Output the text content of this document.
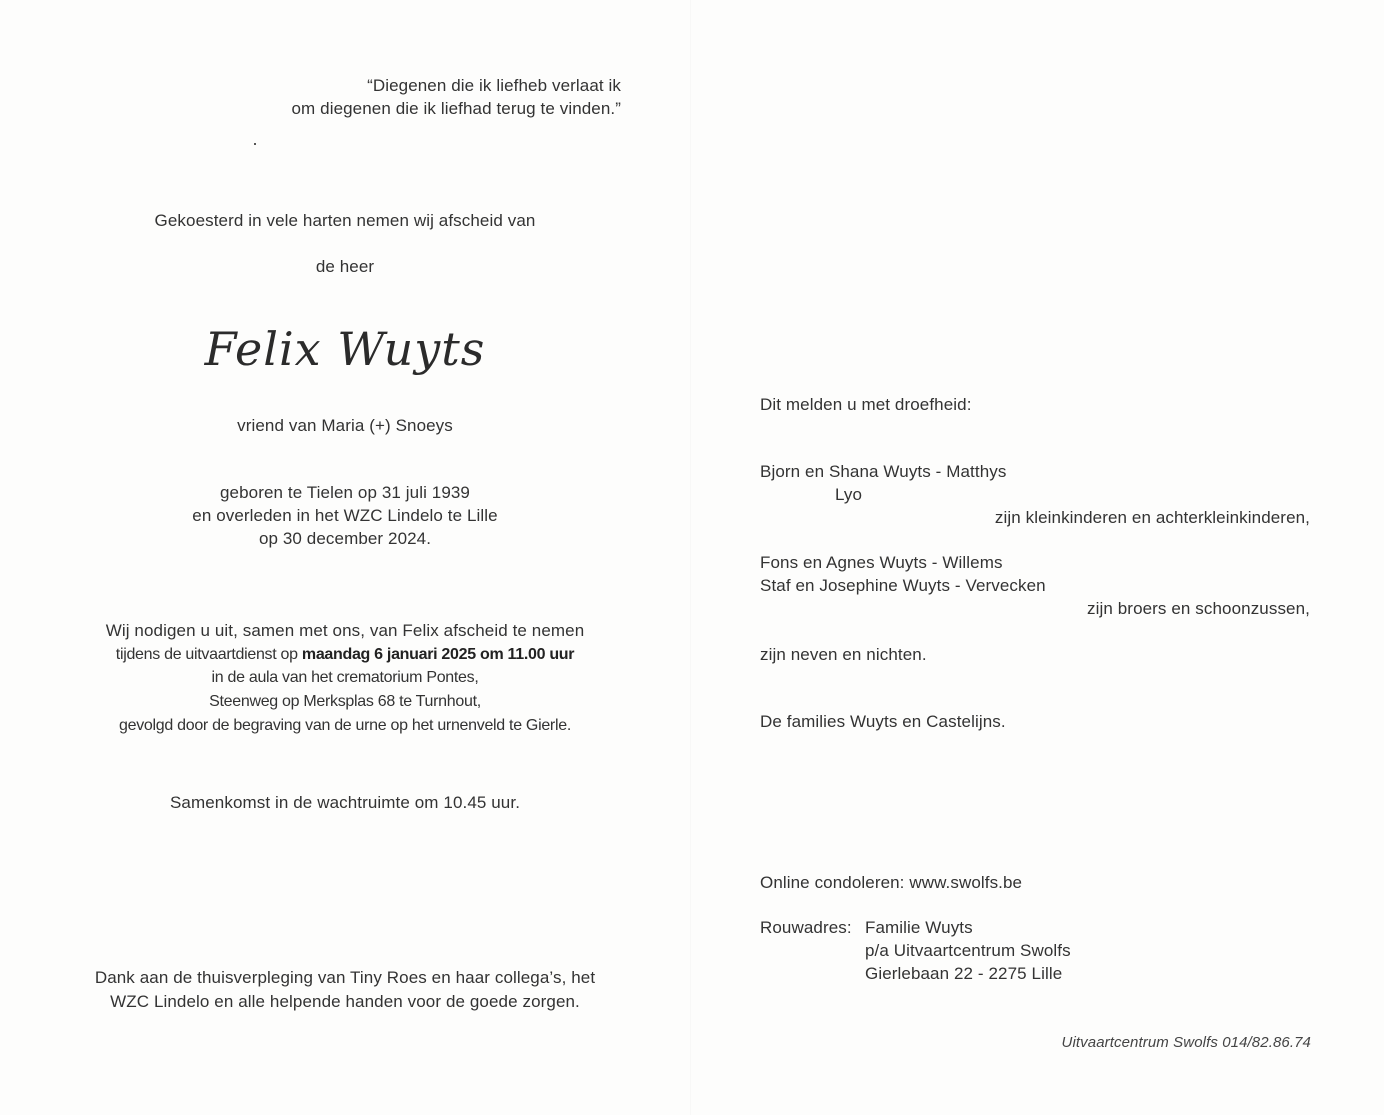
“Diegenen die ik liefheb verlaat ik
om diegenen die ik liefhad terug te vinden.”
Gekoesterd in vele harten nemen wij afscheid van
de heer
Felix Wuyts
vriend van Maria (+) Snoeys
geboren te Tielen op 31 juli 1939
en overleden in het WZC Lindelo te Lille
op 30 december 2024.
Wij nodigen u uit, samen met ons, van Felix afscheid te nemen
tijdens de uitvaartdienst op maandag 6 januari 2025 om 11.00 uur
in de aula van het crematorium Pontes,
Steenweg op Merksplas 68 te Turnhout,
gevolgd door de begraving van de urne op het urnenveld te Gierle.
Samenkomst in de wachtruimte om 10.45 uur.
Dank aan de thuisverpleging van Tiny Roes en haar collega’s, het
WZC Lindelo en alle helpende handen voor de goede zorgen.
Dit melden u met droefheid:
Bjorn en Shana Wuyts - Matthys
Lyo
zijn kleinkinderen en achterkleinkinderen,
Fons en Agnes Wuyts - Willems
Staf en Josephine Wuyts - Vervecken
zijn broers en schoonzussen,
zijn neven en nichten.
De families Wuyts en Castelijns.
Online condoleren: www.swolfs.be
Rouwadres: Familie Wuyts
p/a Uitvaartcentrum Swolfs
Gierlebaan 22 - 2275 Lille
Uitvaartcentrum Swolfs 014/82.86.74
